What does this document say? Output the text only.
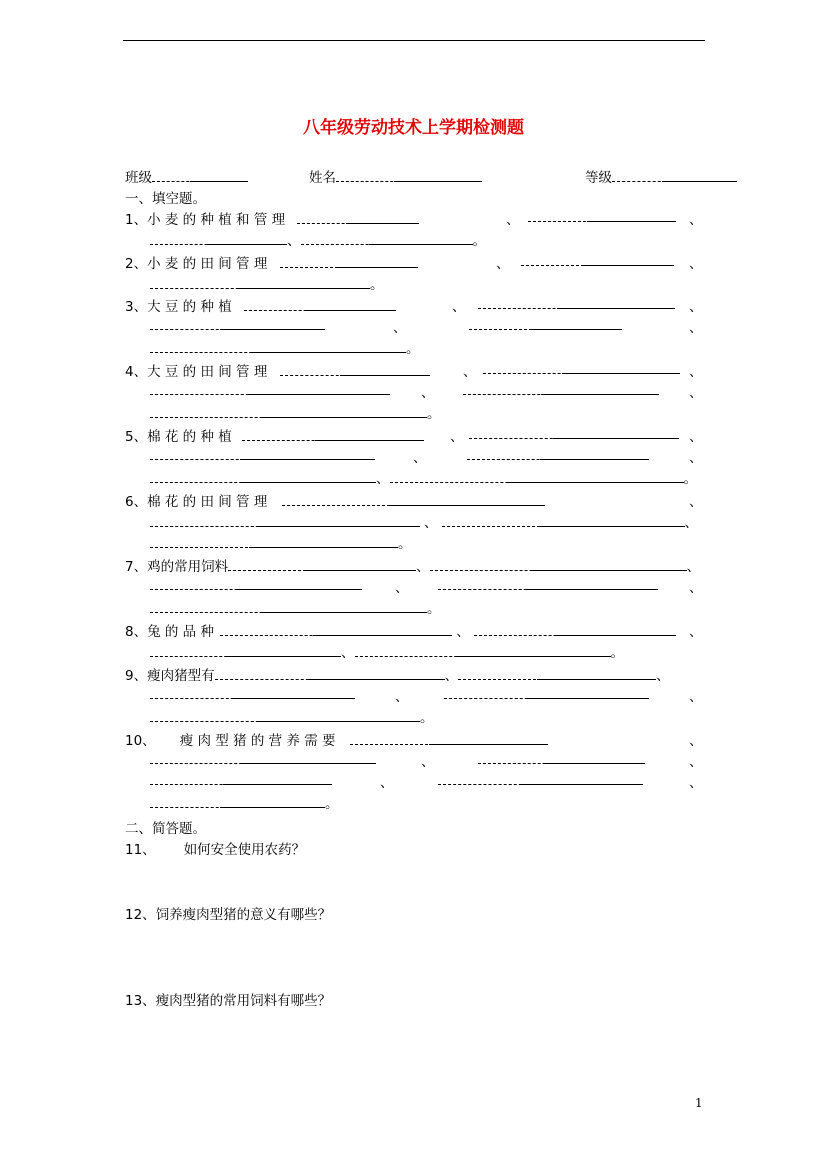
八年级劳动技术上学期检测题
班级	姓名	等级
一、填空题。
1、小 麦 的 种 植 和 管 理	、	、
、	。
2、小 麦 的 田 间 管 理	、	、
。
3、大 豆 的 种 植	、	、
、	、
。
4、大 豆 的 田 间 管 理	、	、
、	、
。
5、棉 花 的 种 植	、	、
、	、
、	。
6、棉 花 的 田 间 管 理	、
、	、
。
7、鸡的常用饲料	、	、
、	、
。
8、兔 的 品 种	、	、
、	。
9、瘦肉猪型有	、	、
、	、
。
10、 瘦 肉 型 猪 的 营 养 需 要	、
、	、
、	、
。
二、简答题。
11、 如何安全使用农药？
12、饲养瘦肉型猪的意义有哪些？
13、瘦肉型猪的常用饲料有哪些？
1
